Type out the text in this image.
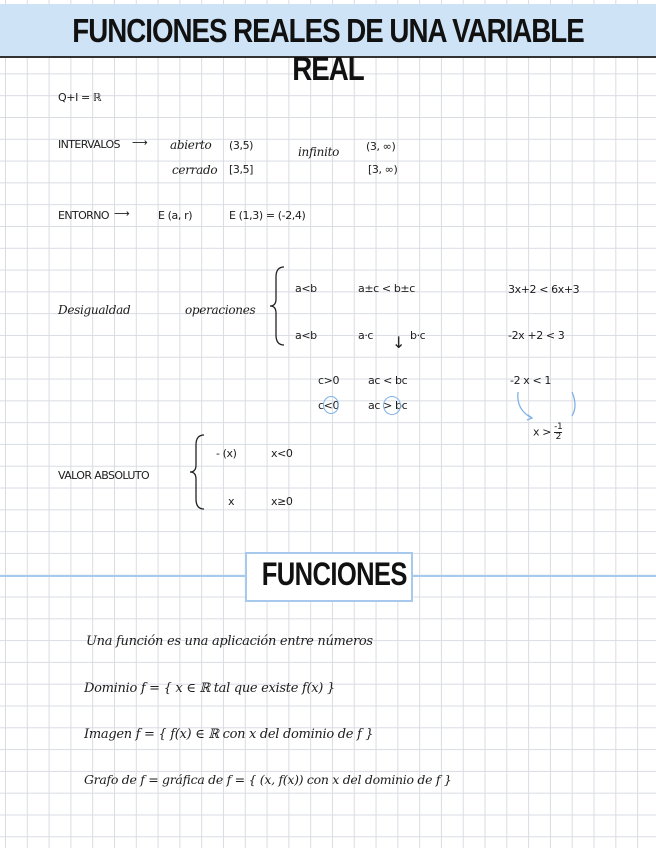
FUNCIONES REALES DE UNA VARIABLE REAL
Q+I = ℝ
INTERVALOS ⟶ abierto (3,5)
cerrado [3,5]
infinito (3, ∞)
[3, ∞)
ENTORNO ⟶	E (a, r)	E (1,3) = (-2,4)
Desigualdad	operaciones
a<b	a±c < b±c	3x+2 < 6x+3
a<b	a·c ↓ b·c	-2x +2 < 3
c>0	ac < bc	-2 x < 1
c<0	ac > bc
$x > \frac{-1}{2}$
VALOR ABSOLUTO
- (x)	x<0
x	x≥0
FUNCIONES
Una función es una aplicación entre números
Dominio f = { x ∈ ℝ tal que existe f(x) }
Imagen f = { f(x) ∈ ℝ con x del dominio de f }
Grafo de f = gráfica de f = { (x, f(x)) con x del dominio de f }
